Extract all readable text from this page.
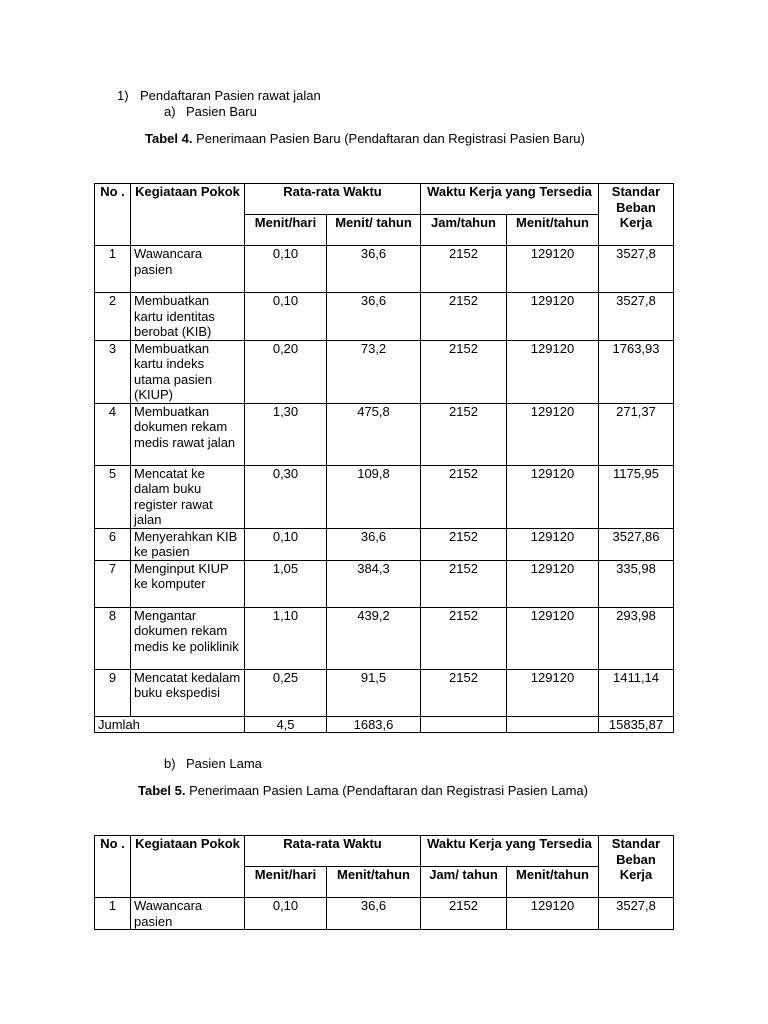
1) Pendaftaran Pasien rawat jalan
a) Pasien Baru
Tabel 4. Penerimaan Pasien Baru (Pendaftaran dan Registrasi Pasien Baru)
No .	Kegiataan Pokok	Rata-rata Waktu		Waktu Kerja yang Tersedia		Standar Beban Kerja
		Menit/hari	Menit/ tahun	Jam/tahun	Menit/tahun	
1	Wawancara pasien	0,10	36,6	2152	129120	3527,8
2	Membuatkan kartu identitas berobat (KIB)	0,10	36,6	2152	129120	3527,8
3	Membuatkan kartu indeks utama pasien (KIUP)	0,20	73,2	2152	129120	1763,93
4	Membuatkan dokumen rekam medis rawat jalan	1,30	475,8	2152	129120	271,37
5	Mencatat ke dalam buku register rawat jalan	0,30	109,8	2152	129120	1175,95
6	Menyerahkan KIB ke pasien	0,10	36,6	2152	129120	3527,86
7	Menginput KIUP ke komputer	1,05	384,3	2152	129120	335,98
8	Mengantar dokumen rekam medis ke poliklinik	1,10	439,2	2152	129120	293,98
9	Mencatat kedalam buku ekspedisi	0,25	91,5	2152	129120	1411,14
Jumlah		4,5	1683,6			15835,87
b) Pasien Lama
Tabel 5. Penerimaan Pasien Lama (Pendaftaran dan Registrasi Pasien Lama)
No .	Kegiataan Pokok	Rata-rata Waktu		Waktu Kerja yang Tersedia		Standar Beban Kerja
		Menit/hari	Menit/tahun	Jam/ tahun	Menit/tahun	
1	Wawancara pasien	0,10	36,6	2152	129120	3527,8
